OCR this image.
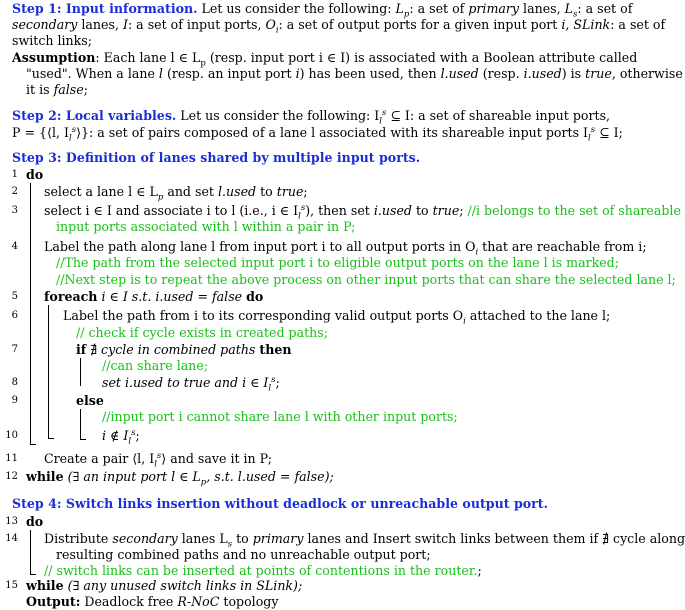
Step 1: Input information. Let us consider the following: $L_p$: a set of primary lanes, $L_s$: a set of
secondary lanes, I: a set of input ports, $O_i$: a set of output ports for a given input port i, SLink: a set of
switch links;
Assumption: Each lane l ∈ $L_p$ (resp. input port i ∈ I) is associated with a Boolean attribute called
"used". When a lane l (resp. an input port i) has been used, then l.used (resp. i.used) is true, otherwise
it is false;
Step 2: Local variables. Let us consider the following: $I_l^s$ ⊆ I: a set of shareable input ports,
P = {⟨l, $I_l^s⟩$}: a set of pairs composed of a lane l associated with its shareable input ports $I_l^s$ ⊆ I;
Step 3: Definition of lanes shared by multiple input ports.
1 do
2 select a lane l ∈ $L_p$ and set l.used to true;
3 select i ∈ I and associate i to l (i.e., i ∈ $I_l^s$), then set i.used to true; //i belongs to the set of shareable
input ports associated with l within a pair in P;
4 Label the path along lane l from input port i to all output ports in $O_i$ that are reachable from i;
//The path from the selected input port i to eligible output ports on the lane l is marked;
//Next step is to repeat the above process on other input ports that can share the selected lane l;
5 foreach i ∈ I s.t. i.used = false do
6	Label the path from i to its corresponding valid output ports $O_i$ attached to the lane l;
// check if cycle exists in created paths;
7	if ∄ cycle in combined paths then
//can share lane;
8	set i.used to true and i ∈ $I_l^s$;
9	else
//input port i cannot share lane l with other input ports;
10	i ∉ $I_l^s$;
11 Create a pair ⟨l, $I_l^s⟩$ and save it in P;
12 while (∃ an input port l ∈ $L_p$, s.t. l.used = false);
Step 4: Switch links insertion without deadlock or unreachable output port.
13 do
14 Distribute secondary lanes $L_s$ to primary lanes and Insert switch links between them if ∄ cycle along
resulting combined paths and no unreachable output port;
// switch links can be inserted at points of contentions in the router.;
15 while (∃ any unused switch links in SLink);
Output: Deadlock free R-NoC topology
